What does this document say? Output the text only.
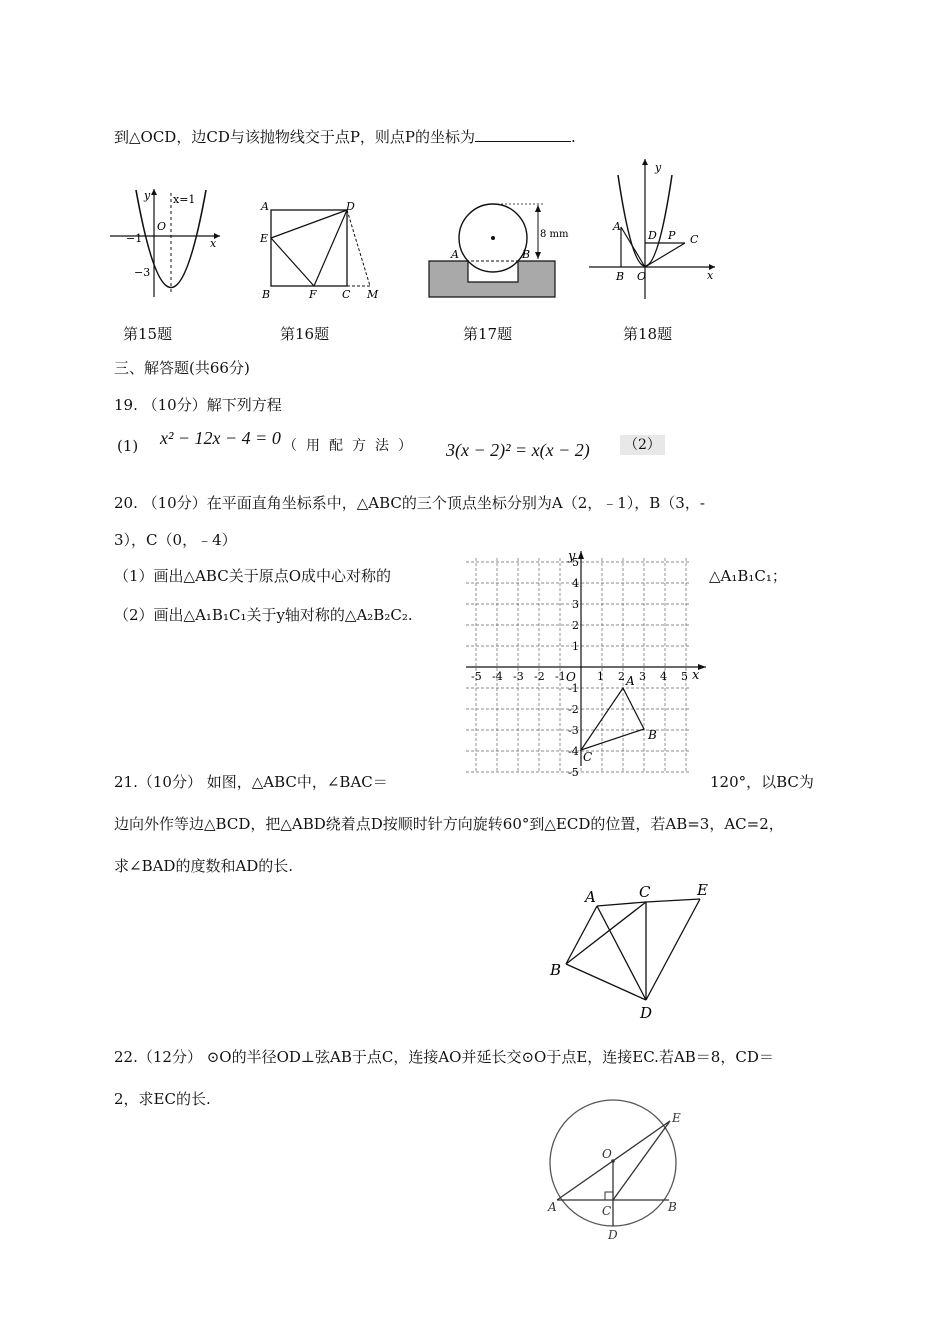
到△OCD，边CD与该抛物线交于点P，则点P的坐标为	.
y
x
O
x=1
−1
−3
A	D
E
B	F C M
A	B
8 mm
y
x
A
D P C
B O
第15题	第16题	第17题	第18题
三、解答题(共66分)
19. （10分）解下列方程
(1) x² − 12x − 4 = 0 （用配方法） 3(x − 2)² = x(x − 2) （2）
20. （10分）在平面直角坐标系中，△ABC的三个顶点坐标分别为A（2，﹣1），B（3，-
3），C（0，﹣4）
（1）画出△ABC关于原点O成中心对称的	△A₁B₁C₁；
（2）画出△A₁B₁C₁关于y轴对称的△A₂B₂C₂.
-5 -4 -3 -2 -1	1 2 3 4 5
5
4
3
2
1
-1
-2
-3
-4
-5
x
y
O	A
B
C
21.（10分） 如图，△ABC中，∠BAC＝	120°，以BC为
边向外作等边△BCD，把△ABD绕着点D按顺时针方向旋转60°到△ECD的位置，若AB=3，AC=2，
求∠BAD的度数和AD的长.
A	C	E
B
D
22.（12分） ⊙O的半径OD⊥弦AB于点C，连接AO并延长交⊙O于点E，连接EC.若AB＝8，CD＝
2，求EC的长.
O
E
A	C	B
D
